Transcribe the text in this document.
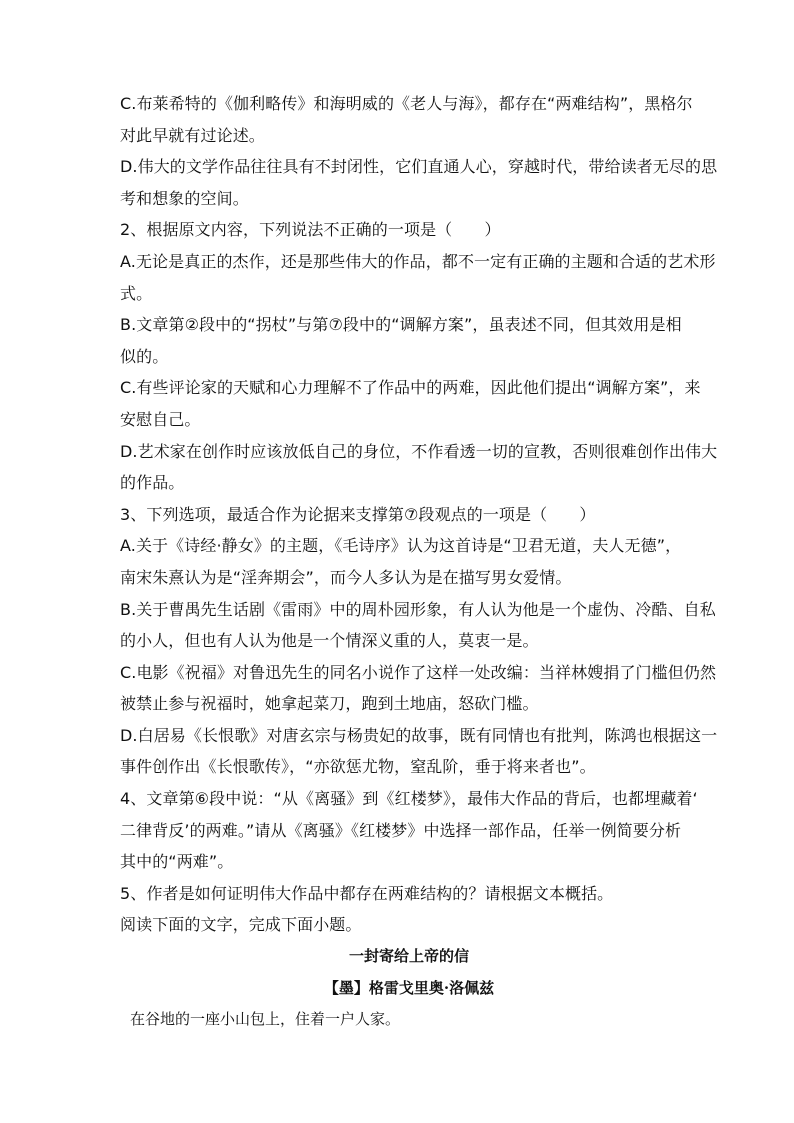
C.布莱希特的《伽利略传》和海明威的《老人与海》，都存在“两难结构”，黑格尔
对此早就有过论述。
D.伟大的文学作品往往具有不封闭性，它们直通人心，穿越时代，带给读者无尽的思
考和想象的空间。
2、根据原文内容，下列说法不正确的一项是（　　）
A.无论是真正的杰作，还是那些伟大的作品，都不一定有正确的主题和合适的艺术形
式。
B.文章第②段中的“拐杖”与第⑦段中的“调解方案”，虽表述不同，但其效用是相
似的。
C.有些评论家的天赋和心力理解不了作品中的两难，因此他们提出“调解方案”，来
安慰自己。
D.艺术家在创作时应该放低自己的身位，不作看透一切的宣教，否则很难创作出伟大
的作品。
3、下列选项，最适合作为论据来支撑第⑦段观点的一项是（　　）
A.关于《诗经·静女》的主题，《毛诗序》认为这首诗是“卫君无道，夫人无德”，
南宋朱熹认为是“淫奔期会”，而今人多认为是在描写男女爱情。
B.关于曹禺先生话剧《雷雨》中的周朴园形象，有人认为他是一个虚伪、冷酷、自私
的小人，但也有人认为他是一个情深义重的人，莫衷一是。
C.电影《祝福》对鲁迅先生的同名小说作了这样一处改编：当祥林嫂捐了门槛但仍然
被禁止参与祝福时，她拿起菜刀，跑到土地庙，怒砍门槛。
D.白居易《长恨歌》对唐玄宗与杨贵妃的故事，既有同情也有批判，陈鸿也根据这一
事件创作出《长恨歌传》，“亦欲惩尤物，窒乱阶，垂于将来者也”。
4、文章第⑥段中说：“从《离骚》到《红楼梦》，最伟大作品的背后，也都埋藏着‘
二律背反’的两难。”请从《离骚》《红楼梦》中选择一部作品，任举一例简要分析
其中的“两难”。
5、作者是如何证明伟大作品中都存在两难结构的？请根据文本概括。
阅读下面的文字，完成下面小题。
一封寄给上帝的信
【墨】格雷戈里奥·洛佩兹
在谷地的一座小山包上，住着一户人家。
